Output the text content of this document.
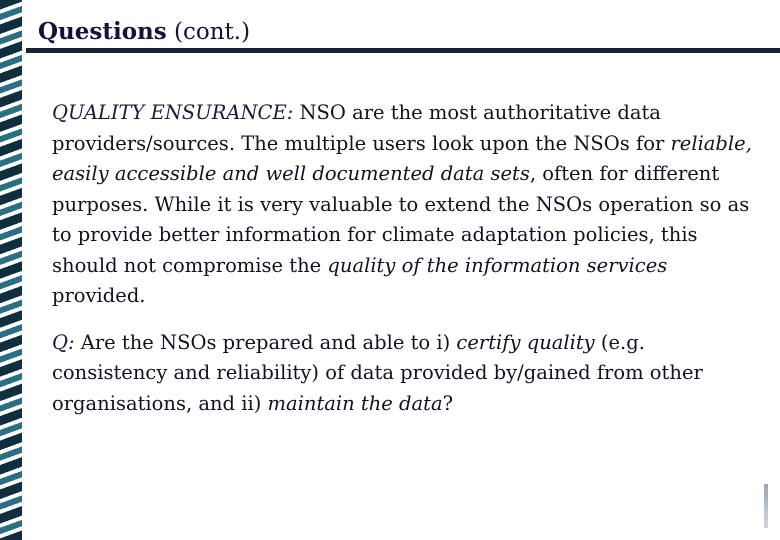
Questions (cont.)

QUALITY ENSURANCE: NSO are the most authoritative data providers/sources. The multiple users look upon the NSOs for reliable, easily accessible and well documented data sets, often for different purposes. While it is very valuable to extend the NSOs operation so as to provide better information for climate adaptation policies, this should not compromise the quality of the information services provided.

Q: Are the NSOs prepared and able to i) certify quality (e.g. consistency and reliability) of data provided by/gained from other organisations, and ii) maintain the data?
